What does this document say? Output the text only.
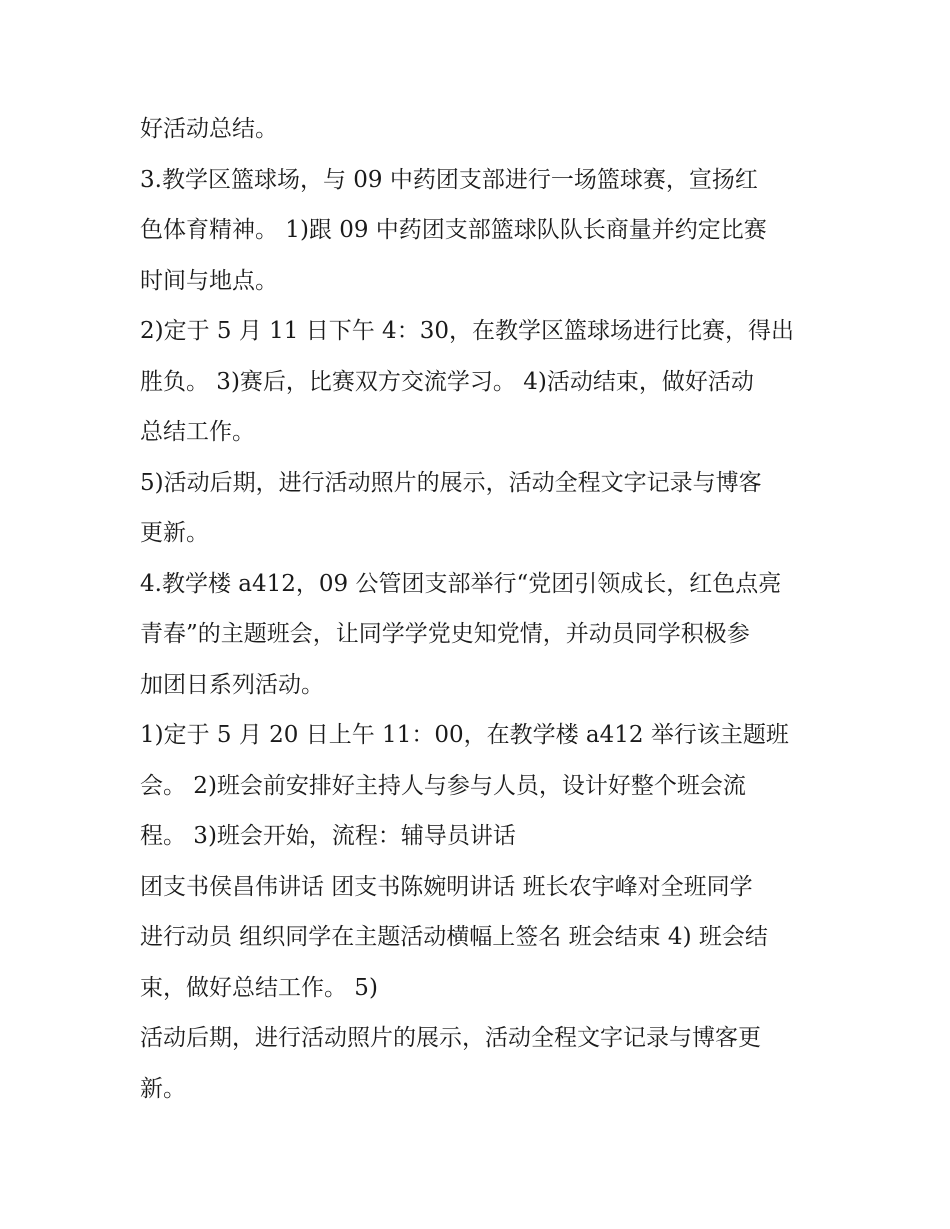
好活动总结。

3.教学区篮球场，与 09 中药团支部进行一场篮球赛，宣扬红

色体育精神。 1)跟 09 中药团支部篮球队队长商量并约定比赛

时间与地点。

2)定于 5 月 11 日下午 4：30，在教学区篮球场进行比赛，得出

胜负。 3)赛后，比赛双方交流学习。 4)活动结束，做好活动

总结工作。

5)活动后期，进行活动照片的展示，活动全程文字记录与博客

更新。

4.教学楼 a412，09 公管团支部举行“党团引领成长，红色点亮

青春”的主题班会，让同学学党史知党情，并动员同学积极参

加团日系列活动。

1)定于 5 月 20 日上午 11：00，在教学楼 a412 举行该主题班

会。 2)班会前安排好主持人与参与人员，设计好整个班会流

程。 3)班会开始，流程：辅导员讲话

团支书侯昌伟讲话 团支书陈婉明讲话 班长农宇峰对全班同学

进行动员 组织同学在主题活动横幅上签名 班会结束 4) 班会结

束，做好总结工作。 5)

活动后期，进行活动照片的展示，活动全程文字记录与博客更

新。
